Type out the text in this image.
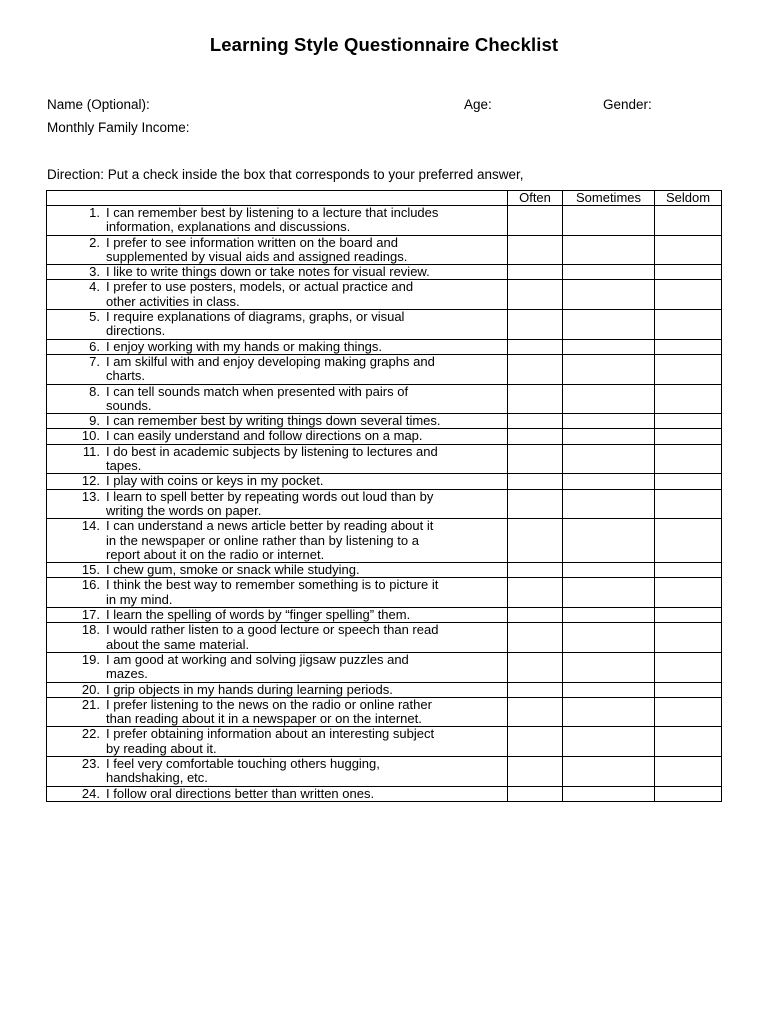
Learning Style Questionnaire Checklist
Name (Optional):	Age:	Gender:
Monthly Family Income:
Direction: Put a check inside the box that corresponds to your preferred answer,
	Often	Sometimes	Seldom

1. I can remember best by listening to a lecture that includes
information, explanations and discussions.			

2. I prefer to see information written on the board and
supplemented by visual aids and assigned readings.			

3. I like to write things down or take notes for visual review.			

4. I prefer to use posters, models, or actual practice and
other activities in class.			

5. I require explanations of diagrams, graphs, or visual
directions.			

6. I enjoy working with my hands or making things.			

7. I am skilful with and enjoy developing making graphs and
charts.			

8. I can tell sounds match when presented with pairs of
sounds.			

9. I can remember best by writing things down several times.			

10. I can easily understand and follow directions on a map.			

11. I do best in academic subjects by listening to lectures and
tapes.			

12. I play with coins or keys in my pocket.			

13. I learn to spell better by repeating words out loud than by
writing the words on paper.			

14. I can understand a news article better by reading about it
in the newspaper or online rather than by listening to a
report about it on the radio or internet.			

15. I chew gum, smoke or snack while studying.			

16. I think the best way to remember something is to picture it
in my mind.			

17. I learn the spelling of words by “finger spelling” them.			

18. I would rather listen to a good lecture or speech than read
about the same material.			

19. I am good at working and solving jigsaw puzzles and
mazes.			

20. I grip objects in my hands during learning periods.			

21. I prefer listening to the news on the radio or online rather
than reading about it in a newspaper or on the internet.			

22. I prefer obtaining information about an interesting subject
by reading about it.			

23. I feel very comfortable touching others hugging,
handshaking, etc.			

24. I follow oral directions better than written ones.			
